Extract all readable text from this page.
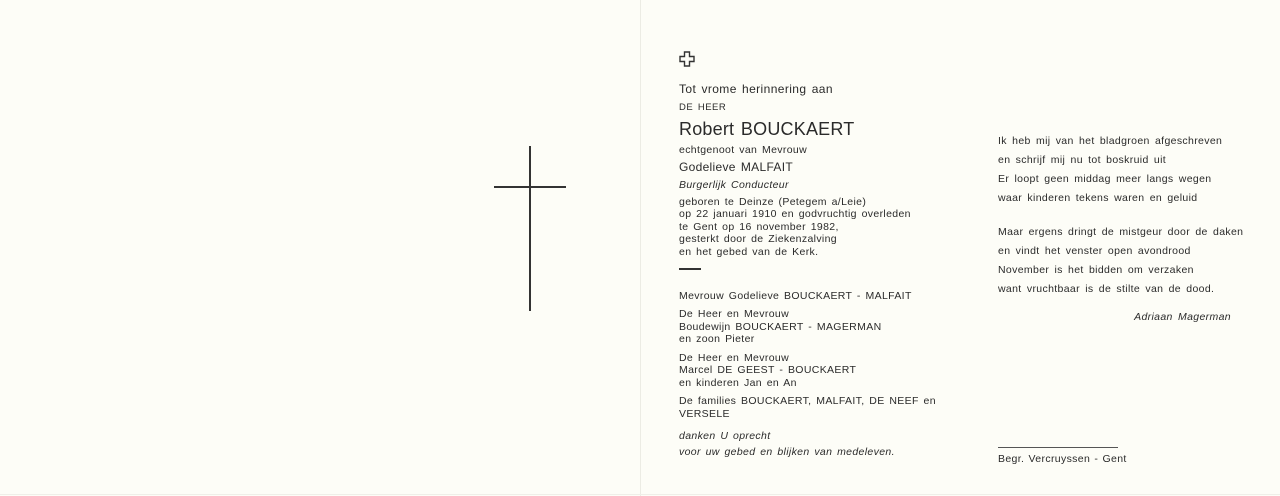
Tot vrome herinnering aan
DE HEER
Robert BOUCKAERT
echtgenoot van Mevrouw
Godelieve MALFAIT
Burgerlijk Conducteur
geboren te Deinze (Petegem a/Leie)
op 22 januari 1910 en godvruchtig overleden
te Gent op 16 november 1982,
gesterkt door de Ziekenzalving
en het gebed van de Kerk.
Mevrouw Godelieve BOUCKAERT - MALFAIT
De Heer en Mevrouw
Boudewijn BOUCKAERT - MAGERMAN
en zoon Pieter
De Heer en Mevrouw
Marcel DE GEEST - BOUCKAERT
en kinderen Jan en An
De families BOUCKAERT, MALFAIT, DE NEEF en
VERSELE
danken U oprecht
voor uw gebed en blijken van medeleven.
Ik heb mij van het bladgroen afgeschreven
en schrijf mij nu tot boskruid uit
Er loopt geen middag meer langs wegen
waar kinderen tekens waren en geluid
Maar ergens dringt de mistgeur door de daken
en vindt het venster open avondrood
November is het bidden om verzaken
want vruchtbaar is de stilte van de dood.
Adriaan Magerman
Begr. Vercruyssen - Gent
